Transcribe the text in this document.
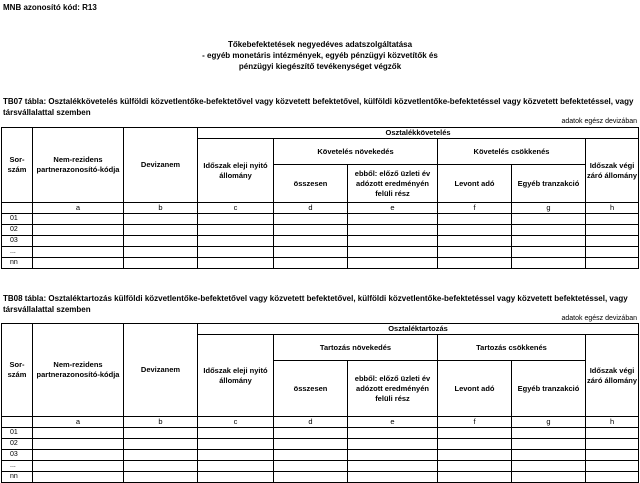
MNB azonosító kód: R13
Tőkebefektetések negyedéves adatszolgáltatása
- egyéb monetáris intézmények, egyéb pénzügyi közvetítők és
pénzügyi kiegészítő tevékenységet végzők
TB07 tábla: Osztalékkövetelés külföldi közvetlentőke-befektetővel vagy közvetett befektetővel, külföldi közvetlentőke-befektetéssel vagy közvetett befektetéssel, vagy társvállalattal szemben
adatok egész devizában
Sor-szám	Nem-rezidens partnerazonosító-kódja	Devizanem	Osztalékkövetelés					
			Időszak eleji nyitó állomány	Követelés növekedés		Követelés csökkenés		Időszak végi záró állomány
				összesen	ebből: előző üzleti év adózott eredményén felüli rész	Levont adó	Egyéb tranzakció	
	a	b	c	d	e	f	g	h
01								
02								
03								
...								
nn								
TB08 tábla: Osztaléktartozás külföldi közvetlentőke-befektetővel vagy közvetett befektetővel, külföldi közvetlentőke-befektetéssel vagy közvetett befektetéssel, vagy társvállalattal szemben
adatok egész devizában
Sor-szám	Nem-rezidens partnerazonosító-kódja	Devizanem	Osztaléktartozás					
			Időszak eleji nyitó állomány	Tartozás növekedés		Tartozás csökkenés		Időszak végi záró állomány
				összesen	ebből: előző üzleti év adózott eredményén felüli rész	Levont adó	Egyéb tranzakció	
	a	b	c	d	e	f	g	h
01								
02								
03								
...								
nn								
